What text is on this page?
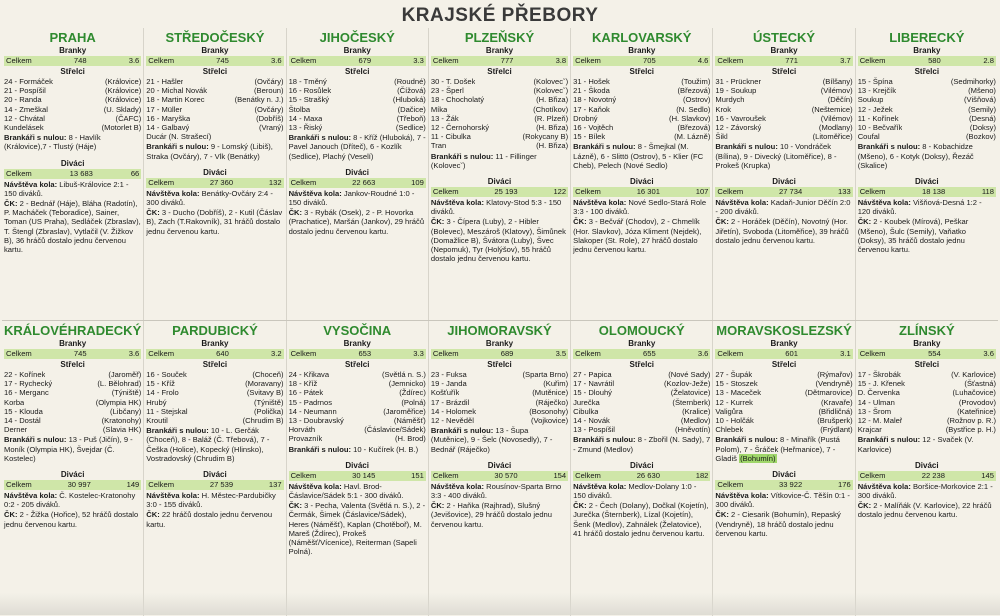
KRAJSKÉ PŘEBORY
PRAHA
Branky
Celkem	748	3.6
Střelci
24 - Formáček	(Královice)
21 - Pospíšil	(Královice)
20 - Randa	(Královice)
14 - Zmeškal	(U. Sklady)
12 - Chvátal	(ČAFC)
Kundelásek	(Motorlet B)
Brankáři s nulou: 8 - Havlík (Královice),7 - Tlustý (Háje)
Diváci
Celkem	13 683	66
Návštěva kola: Libuš-Královice 2:1 - 150 diváků.
ČK: 2 - Bednář (Háje), Bláha (Radotín), P. Macháček (Teboradice), Sainer, Toman (US Praha), Sedláček (Zbraslav), T. Štengl (Zbraslav), Vytlačil (V. Žižkov B), 36 hráčů dostalo jednu červenou kartu.
STŘEDOČESKÝ
Branky
Celkem	745	3.6
Střelci
21 - Hašler	(Ovčáry)
20 - Michal Novák	(Beroun)
18 - Martin Korec	(Benátky n. J.)
17 - Müller	(Ovčáry)
16 - Maryška	(Dobříš)
14 - Galbavý	(Vraný)
Ducár (N. Strašecí)
Brankáři s nulou: 9 - Lomský (Libiš), Straka (Ovčáry), 7 - Vlk (Benátky)
Diváci
Celkem	27 360	132
Návštěva kola: Benátky-Ovčáry 2:4 - 300 diváků.
ČK: 3 - Ducho (Dobříš), 2 - Kutil (Čáslav B), Zach (T.Rakovník), 31 hráčů dostalo jednu červenou kartu.
JIHOČESKÝ
Branky
Celkem	679	3.3
Střelci
18 - Tměný	(Roudné)
16 - Rosůlek	(Čížová)
15 - Strašký	(Hluboká)
Štolba	(Dačice)
14 - Maxa	(Třeboň)
13 - Řiský	(Sedlice)
Brankáři s nulou: 8 - Kříž (Hluboká), 7 - Pavel Janouch (Dříteč), 6 - Kozlík (Sedlice), Plachý (Veselí)
Diváci
Celkem	22 663	109
Návštěva kola: Jankov-Roudné 1:0 - 150 diváků.
ČK: 3 - Rybák (Osek), 2 - P. Hovorka (Prachatice), Maršán (Jankov), 29 hráčů dostalo jednu červenou kartu.
PLZEŇSKÝ
Branky
Celkem	777	3.8
Střelci
30 - T. Došek	(Kolovecˇ)
23 - Šperl	(Kolovecˇ)
18 - Chocholatý	(H. Břiza)
Míka	(Chotíkov)
13 - Žák	(R. Plzeň)
12 - Černohorský	(H. Břiza)
11 - Cibulka	(Rokycany B)
Tran	(H. Břiza)
Brankáři s nulou: 11 - Fillinger (Kolovecˇ)
Diváci
Celkem	25 193	122
Návštěva kola: Klatovy-Stod 5:3 - 150 diváků.
ČK: 3 - Čípera (Luby), 2 - Hibler (Bolevec), Meszároš (Klatovy), Šimůnek (Domažlice B), Švátora (Luby), Švec (Nepomuk), Tyr (Holýšov), 55 hráčů dostalo jednu červenou kartu.
KARLOVARSKÝ
Branky
Celkem	705	4.6
Střelci
31 - Hošek	(Toužim)
21 - Škoda	(Březová)
18 - Novotný	(Ostrov)
17 - Kaňok	(N. Sedlo)
Drobný	(H. Slavkov)
16 - Vojtěch	(Březová)
15 - Bílek	(M. Lázně)
Brankáři s nulou: 8 - Šmejkal (M. Lázně), 6 - Slittö (Ostrov), 5 - Klier (FC Cheb), Pelech (Nové Sedlo)
Diváci
Celkem	16 301	107
Návštěva kola: Nové Sedlo-Stará Role 3:3 - 100 diváků.
ČK: 3 - Bečvář (Chodov), 2 - Chmelík (Hor. Slavkov), Józa Kliment (Nejdek), Slakoper (St. Role), 27 hráčů dostalo jednu červenou kartu.
ÚSTECKÝ
Branky
Celkem	771	3.7
Střelci
31 - Prückner	(Bílšany)
19 - Soukup	(Vilémov)
Murdych	(Děčín)
Krok	(Neštemice)
16 - Vavroušek	(Vilémov)
12 - Závorský	(Modlany)
Šikl	(Litoměřice)
Brankáři s nulou: 10 - Vondráček (Bílina), 9 - Divecký (Litoměřice), 8 - Prokeš (Krupka)
Diváci
Celkem	27 734	133
Návštěva kola: Kadaň-Junior Děčín 2:0 - 200 diváků.
ČK: 2 - Horáček (Děčín), Novotný (Hor. Jiřetín), Svoboda (Litoměřice), 39 hráčů dostalo jednu červenou kartu.
LIBERECKÝ
Branky
Celkem	580	2.8
Střelci
15 - Špína	(Sedmihorky)
13 - Krejčík	(Mšeno)
Soukup	(Višňová)
12 - Ježek	(Semily)
11 - Kořínek	(Desná)
10 - Bečvařík	(Doksy)
Coufal	(Bozkov)
Brankáři s nulou: 8 - Kobachidze (Mšeno), 6 - Kotyk (Doksy), Řezáč (Skalice)
Diváci
Celkem	18 138	118
Návštěva kola: Višňová-Desná 1:2 - 120 diváků.
ČK: 2 - Koubek (Mírová), Peškar (Mšeno), Šulc (Semily), Vaňatko (Doksy), 35 hráčů dostalo jednu červenou kartu.
KRÁLOVÉHRADECKÝ
Branky
Celkem	745	3.6
Střelci
22 - Kořínek	(Jaroměř)
17 - Rychecký	(L. Bělohrad)
16 - Merganc	(Týniště)
Korba	(Olympia HK)
15 - Klouda	(Libčany)
14 - Dostál	(Kratonohy)
Derner	(Slavia HK)
Brankáři s nulou: 13 - Puš (Jičín), 9 - Moník (Olympia HK), Švejdar (Č. Kostelec)
Diváci
Celkem	30 997	149
Návštěva kola: Č. Kostelec-Kratonohy 0:2 - 205 diváků.
ČK: 2 - Žižka (Hořice), 52 hráčů dostalo jednu červenou kartu.
PARDUBICKÝ
Branky
Celkem	640	3.2
Střelci
16 - Souček	(Choceň)
15 - Kříž	(Moravany)
14 - Frolo	(Svitavy B)
Hrubý	(Týniště)
11 - Stejskal	(Polička)
Kroutil	(Chrudim B)
Brankáři s nulou: 10 - L. Gerčák (Choceň), 8 - Baláž (Č. Třebová), 7 - Češka (Holice), Kopecký (Hlinsko), Vostradovský (Chrudim B)
Diváci
Celkem	27 539	137
Návštěva kola: H. Městec-Pardubičky 3:0 - 155 diváků.
ČK: 22 hráčů dostalo jednu červenou kartu.
VYSOČINA
Branky
Celkem	653	3.3
Střelci
24 - Křikava	(Světlá n. S.)
18 - Kříž	(Jemnicko)
16 - Pátek	(Ždírec)
15 - Padrnos	(Polná)
14 - Neumann	(Jaroměřice)
13 - Doubravský	(Náměšť)
Horváth	(Čáslavice/Sádek)
Provazník	(H. Brod)
Brankáři s nulou: 10 - Kučírek (H. B.)
Diváci
Celkem	30 145	151
Návštěva kola: Havl. Brod-Čáslavice/Sádek 5:1 - 300 diváků.
ČK: 3 - Pecha, Valenta (Světlá n. S.), 2 - Čermák, Šimek (Čáslavice/Sádek), Heres (Náměšť), Kaplan (Chotěboř), M. Mareš (Ždírec), Prokeš (Náměšť/Vícenice), Reiterman (Sapeli Polná).
JIHOMORAVSKÝ
Branky
Celkem	689	3.5
Střelci
23 - Fuksa	(Sparta Brno)
19 - Janda	(Kuřim)
Košťuřík	(Mutěnice)
17 - Brázdil	(Ráječko)
14 - Holomek	(Bosonohy)
12 - Nevěděl	(Vojkovice)
Brankáři s nulou: 13 - Šupa (Mutěnice), 9 - Šelc (Novosedly), 7 - Bednář (Ráječko)
Diváci
Celkem	30 570	154
Návštěva kola: Rousínov-Sparta Brno 3:3 - 400 diváků.
ČK: 2 - Haňka (Rajhrad), Slušný (Jevišovice), 29 hráčů dostalo jednu červenou kartu.
OLOMOUCKÝ
Branky
Celkem	655	3.6
Střelci
27 - Papica	(Nové Sady)
17 - Navrátil	(Kozlov-Ježe)
15 - Dlouhý	(Želatovice)
Jurečka	(Šternberk)
Cibulka	(Kralice)
14 - Novák	(Medlov)
13 - Pospíšil	(Hněvotín)
Brankáři s nulou: 8 - Zbořil (N. Sady), 7 - Zmund (Medlov)
Diváci
Celkem	26 630	182
Návštěva kola: Medlov-Dolany 1:0 - 150 diváků.
ČK: 2 - Čech (Dolany), Dočkal (Kojetín), Jurečka (Šternberk), Lízal (Kojetín), Šenk (Medlov), Zahnálek (Želatovice), 41 hráčů dostalo jednu červenou kartu.
MORAVSKOSLEZSKÝ
Branky
Celkem	601	3.1
Střelci
27 - Šupák	(Rýmařov)
15 - Stoszek	(Vendryně)
13 - Maceček	(Dětmarovice)
12 - Kurrek	(Kravaře)
Valigůra	(Břidličná)
10 - Holčák	(Brušperk)
Chlebek	(Frýdlant)
Brankáři s nulou: 8 - Minařík (Pustá Polom), 7 - Šráček (Heřmanice), 7 - Gladiš (Bohumín)
Diváci
Celkem	33 922	176
Návštěva kola: Vítkovice-Č. Těšín 0:1 - 300 diváků.
ČK: 2 - Ciesarik (Bohumín), Repaský (Vendryně), 18 hráčů dostalo jednu červenou kartu.
ZLÍNSKÝ
Branky
Celkem	554	3.6
Střelci
17 - Škrobák	(V. Karlovice)
15 - J. Křenek	(Šťastná)
D. Červenka	(Luhačovice)
14 - Ulman	(Provodov)
13 - Šrom	(Kateřinice)
12 - M. Maleř	(Rožnov p. R.)
Krajcar	(Bystřice p. H.)
Brankáři s nulou: 12 - Svaček (V. Karlovice)
Diváci
Celkem	22 238	145
Návštěva kola: Boršice-Morkovice 2:1 - 300 diváků.
ČK: 2 - Malíňák (V. Karlovice), 22 hráčů dostalo jednu červenou kartu.
